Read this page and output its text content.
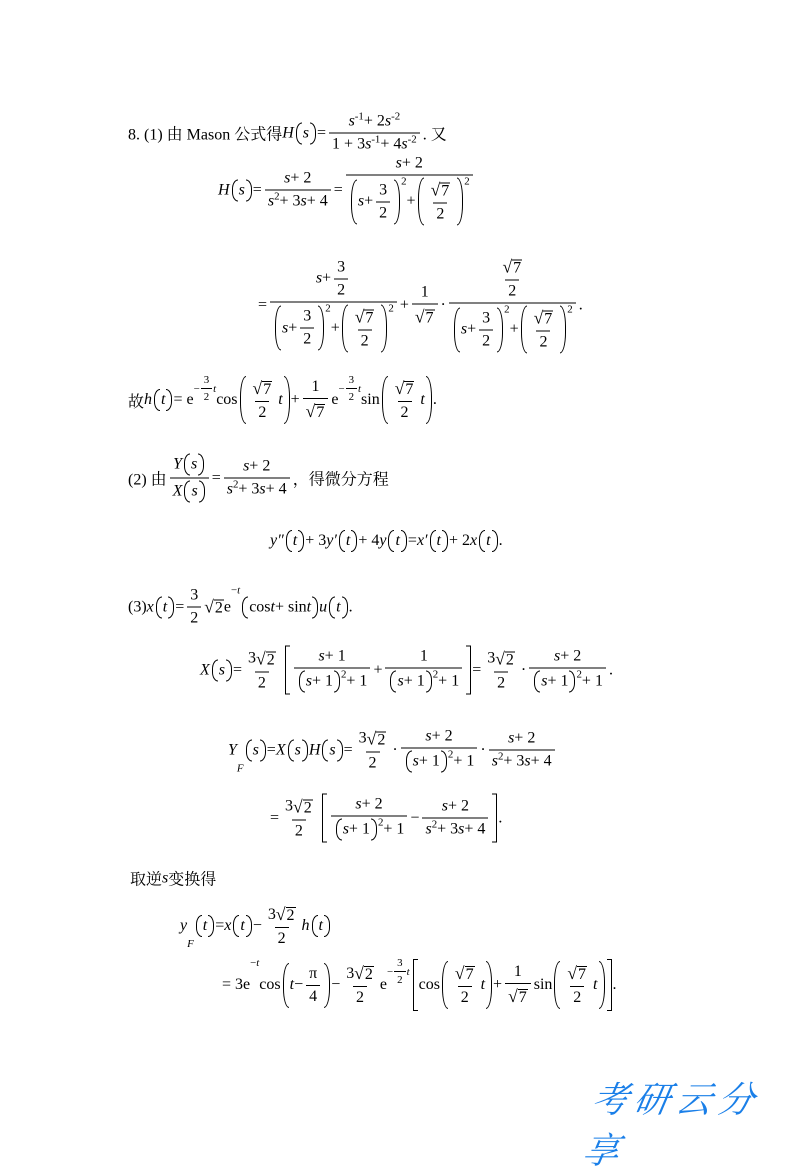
8. (1) 由 Mason 公式得 H $s = \frac{s -1 + 2 s -2}{1 + 3 s -1 + 4 s -2}$ . 又
H $s = \frac{s + 2}{s 2 + 3 s + 4} = s + 2$
$s + \frac{3}{2} 2$
+ $\frac{√ 7}{2} 2$
= $s + \frac{3}{2}$
$s + \frac{3}{2} 2$
+ $\frac{√ 7}{2} 2 + \frac{1}{√ 7} \cdot \frac{√ 7}{2}$
$s + \frac{3}{2} 2$
+ $\frac{√ 7}{2} 2$ .
故 h t = e
− $\frac{3}{2}$ t
$\cos \frac{√ 7}{2}$ $t + \frac{1}{√ 7}$ e
− $\frac{3}{2}$ t
$\sin \frac{√ 7}{2}$ t .
(2) 由 $\frac{\text{Y s}}{\text{X s}} = \frac{s + 2}{s 2 + 3 s + 4}$ ，得微分方程
y″ t + 3 y′ t + 4 y t = x′ t + 2 x t .
(3) x $t = \frac{3}{2}$ √ 2 e
− t
cos t + sin t u t .
X $s = \frac{3 √ 2}{2} \frac{s + 1}{s + 1 2 + 1} + \frac{1}{s + 1 2 + 1} = \frac{3 √ 2}{2} \cdot \frac{s + 2}{s + 1 2 + 1}$ .
Y
F
s = X s H $s = \frac{3 √ 2}{2} \cdot \frac{s + 2}{s + 1 2 + 1} \cdot \frac{s + 2}{s 2 + 3 s + 4}$
= $\frac{3 √ 2}{2} \frac{s + 2}{s + 1 2 + 1} - \frac{s + 2}{s 2 + 3 s + 4}$ .
取逆 s 变换得
y
F
t = x $t - \frac{3 √ 2}{2}$ h t
= 3e
− t
$\cos t - \frac{\pi}{4} - \frac{3 √ 2}{2}$ e
− $\frac{3}{2}$ t
$\cos \frac{√ 7}{2}$ $t + \frac{1}{√ 7}$ $\sin \frac{√ 7}{2}$ t .
考研云分享
